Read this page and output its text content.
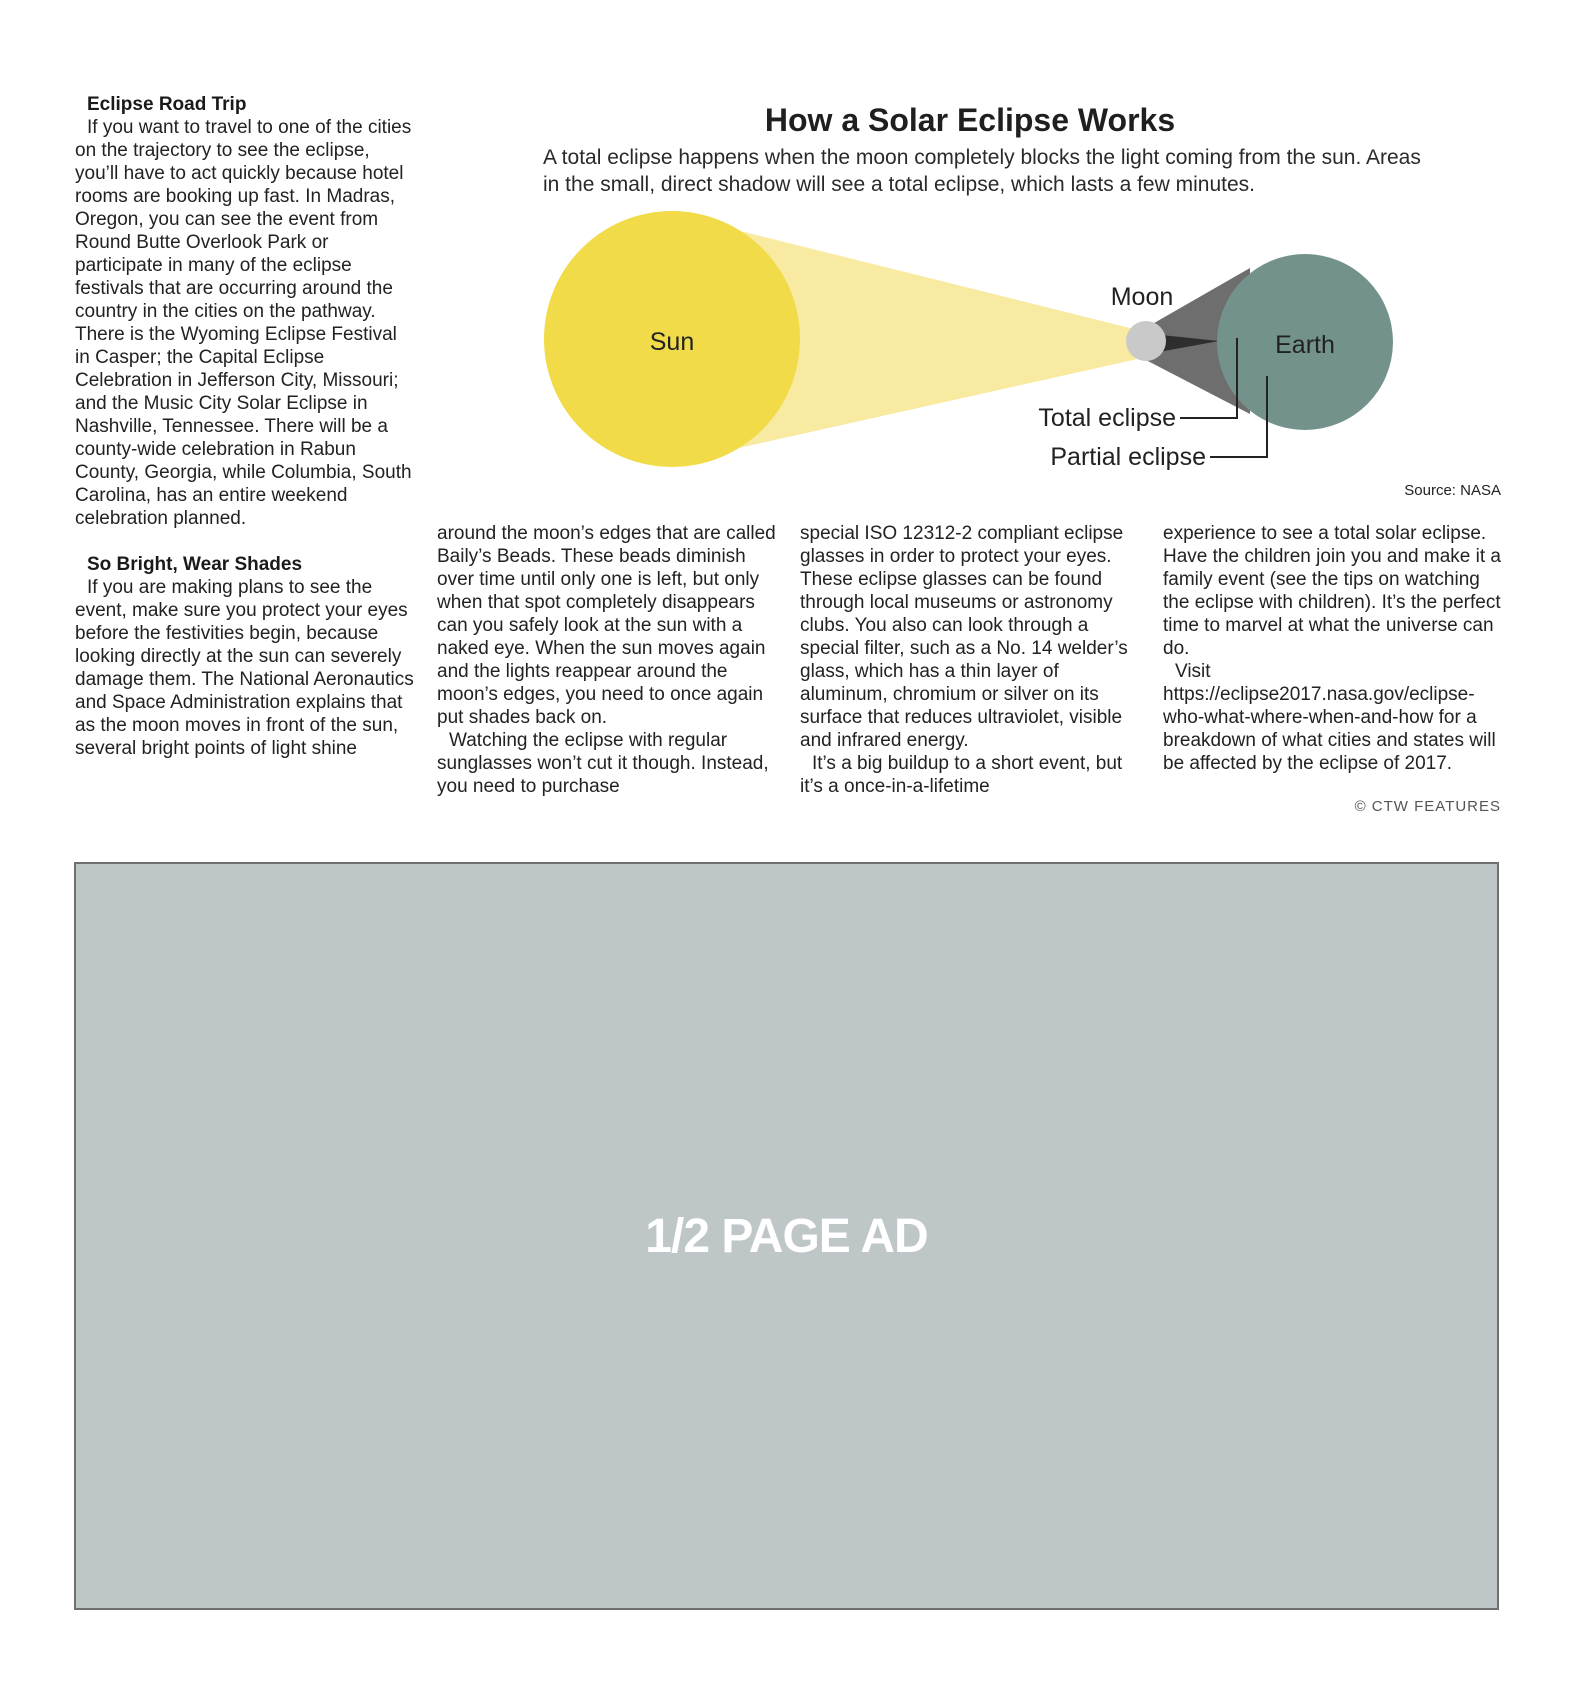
Eclipse Road Trip

If you want to travel to one of the cities on the trajectory to see the eclipse, you’ll have to act quickly because hotel rooms are booking up fast. In Madras, Oregon, you can see the event from Round Butte Overlook Park or participate in many of the eclipse festivals that are occurring around the country in the cities on the pathway. There is the Wyoming Eclipse Festival in Casper; the Capital Eclipse Celebration in Jefferson City, Missouri; and the Music City Solar Eclipse in Nashville, Tennessee. There will be a county-wide celebration in Rabun County, Georgia, while Columbia, South Carolina, has an entire weekend celebration planned.

So Bright, Wear Shades

If you are making plans to see the event, make sure you protect your eyes before the festivities begin, because looking directly at the sun can severely damage them. The National Aeronautics and Space Administration explains that as the moon moves in front of the sun, several bright points of light shine

How a Solar Eclipse Works

A total eclipse happens when the moon completely blocks the light coming from the sun. Areas in the small, direct shadow will see a total eclipse, which lasts a few minutes.

Sun
Moon
Earth
Total eclipse
Partial eclipse
Source: NASA

around the moon’s edges that are called Baily’s Beads. These beads diminish over time until only one is left, but only when that spot completely disappears can you safely look at the sun with a naked eye. When the sun moves again and the lights reappear around the moon’s edges, you need to once again put shades back on.

Watching the eclipse with regular sunglasses won’t cut it though. Instead, you need to purchase

special ISO 12312-2 compliant eclipse glasses in order to protect your eyes. These eclipse glasses can be found through local museums or astronomy clubs. You also can look through a special filter, such as a No. 14 welder’s glass, which has a thin layer of aluminum, chromium or silver on its surface that reduces ultraviolet, visible and infrared energy.

It’s a big buildup to a short event, but it’s a once-in-a-lifetime

experience to see a total solar eclipse. Have the children join you and make it a family event (see the tips on watching the eclipse with children). It’s the perfect time to marvel at what the universe can do.

Visit https://eclipse2017.nasa.gov/eclipse-who-what-where-when-and-how for a breakdown of what cities and states will be affected by the eclipse of 2017.

© CTW FEATURES
1/2 PAGE AD
